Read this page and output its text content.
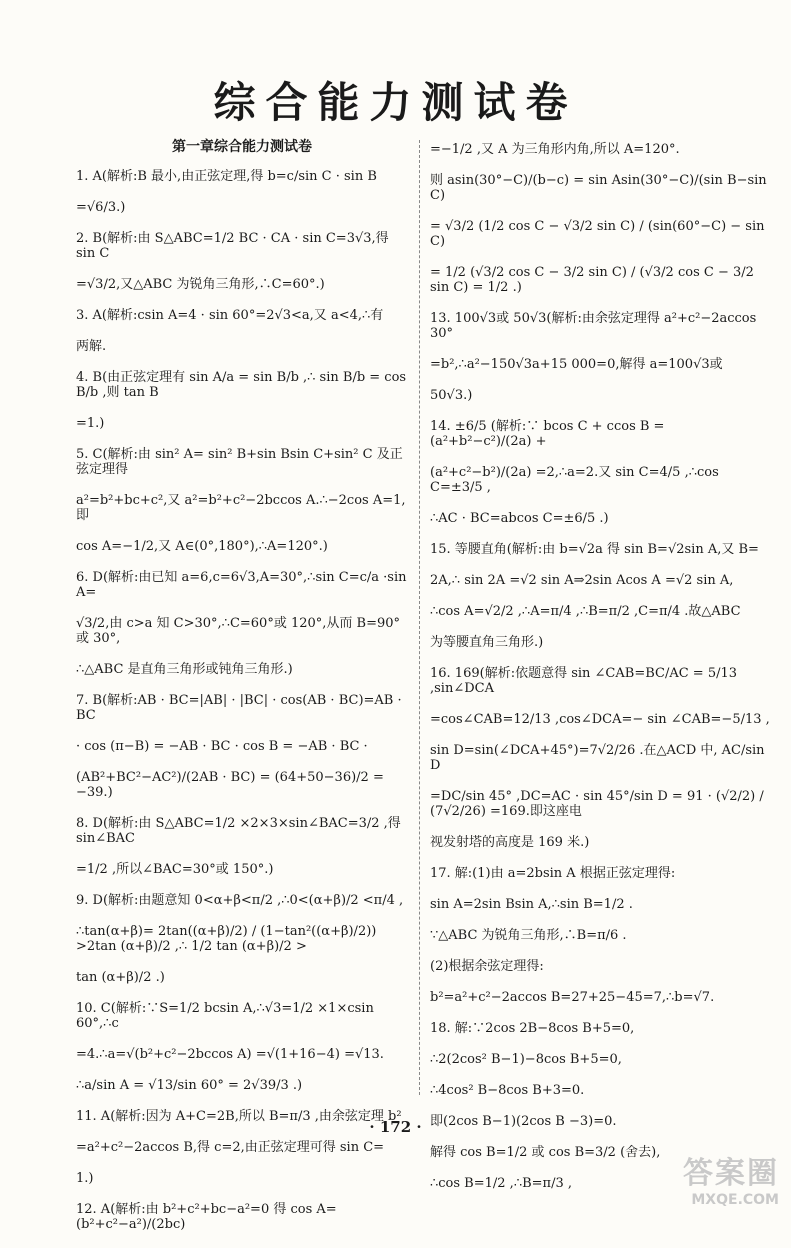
综合能力测试卷
第一章综合能力测试卷

1. A(解析:B 最小,由正弦定理,得 b=c/sin C · sin B

=√6/3.)

2. B(解析:由 S△ABC=1/2 BC · CA · sin C=3√3,得 sin C

=√3/2,又△ABC 为锐角三角形,∴C=60°.)

3. A(解析:csin A=4 · sin 60°=2√3<a,又 a<4,∴有

两解.

4. B(由正弦定理有 sin A/a = sin B/b ,∴ sin B/b = cos B/b ,则 tan B

=1.)

5. C(解析:由 sin² A= sin² B+sin Bsin C+sin² C 及正弦定理得

a²=b²+bc+c²,又 a²=b²+c²−2bccos A.∴−2cos A=1,即

cos A=−1/2,又 A∈(0°,180°),∴A=120°.)

6. D(解析:由已知 a=6,c=6√3,A=30°,∴sin C=c/a ·sin A=

√3/2,由 c>a 知 C>30°,∴C=60°或 120°,从而 B=90°或 30°,

∴△ABC 是直角三角形或钝角三角形.)

7. B(解析:AB · BC=|AB| · |BC| · cos(AB · BC)=AB · BC

· cos (π−B) = −AB · BC · cos B = −AB · BC ·

(AB²+BC²−AC²)/(2AB · BC) = (64+50−36)/2 = −39.)

8. D(解析:由 S△ABC=1/2 ×2×3×sin∠BAC=3/2 ,得 sin∠BAC

=1/2 ,所以∠BAC=30°或 150°.)

9. D(解析:由题意知 0<α+β<π/2 ,∴0<(α+β)/2 <π/4 ,

∴tan(α+β)= 2tan((α+β)/2) / (1−tan²((α+β)/2)) >2tan (α+β)/2 ,∴ 1/2 tan (α+β)/2 >

tan (α+β)/2 .)

10. C(解析:∵S=1/2 bcsin A,∴√3=1/2 ×1×csin 60°,∴c

=4.∴a=√(b²+c²−2bccos A) =√(1+16−4) =√13.

∴a/sin A = √13/sin 60° = 2√39/3 .)

11. A(解析:因为 A+C=2B,所以 B=π/3 ,由余弦定理 b²

=a²+c²−2accos B,得 c=2,由正弦定理可得 sin C=

1.)

12. A(解析:由 b²+c²+bc−a²=0 得 cos A=(b²+c²−a²)/(2bc)

=−1/2 ,又 A 为三角形内角,所以 A=120°.

则 asin(30°−C)/(b−c) = sin Asin(30°−C)/(sin B−sin C)

= √3/2 (1/2 cos C − √3/2 sin C) / (sin(60°−C) − sin C)

= 1/2 (√3/2 cos C − 3/2 sin C) / (√3/2 cos C − 3/2 sin C) = 1/2 .)

13. 100√3或 50√3(解析:由余弦定理得 a²+c²−2accos 30°

=b²,∴a²−150√3a+15 000=0,解得 a=100√3或

50√3.)

14. ±6/5 (解析:∵ bcos C + ccos B = (a²+b²−c²)/(2a) +

(a²+c²−b²)/(2a) =2,∴a=2.又 sin C=4/5 ,∴cos C=±3/5 ,

∴AC · BC=abcos C=±6/5 .)

15. 等腰直角(解析:由 b=√2a 得 sin B=√2sin A,又 B=

2A,∴ sin 2A =√2 sin A⇒2sin Acos A =√2 sin A,

∴cos A=√2/2 ,∴A=π/4 ,∴B=π/2 ,C=π/4 .故△ABC

为等腰直角三角形.)

16. 169(解析:依题意得 sin ∠CAB=BC/AC = 5/13 ,sin∠DCA

=cos∠CAB=12/13 ,cos∠DCA=− sin ∠CAB=−5/13 ,

sin D=sin(∠DCA+45°)=7√2/26 .在△ACD 中, AC/sin D

=DC/sin 45° ,DC=AC · sin 45°/sin D = 91 · (√2/2) / (7√2/26) =169.即这座电

视发射塔的高度是 169 米.)

17. 解:(1)由 a=2bsin A 根据正弦定理得:

sin A=2sin Bsin A,∴sin B=1/2 .

∵△ABC 为锐角三角形,∴B=π/6 .

(2)根据余弦定理得:

b²=a²+c²−2accos B=27+25−45=7,∴b=√7.

18. 解:∵2cos 2B−8cos B+5=0,

∴2(2cos² B−1)−8cos B+5=0,

∴4cos² B−8cos B+3=0.

即(2cos B−1)(2cos B −3)=0.

解得 cos B=1/2 或 cos B=3/2 (舍去),

∴cos B=1/2 ,∴B=π/3 ,

· 172 ·
答案圈
MXQE.COM
